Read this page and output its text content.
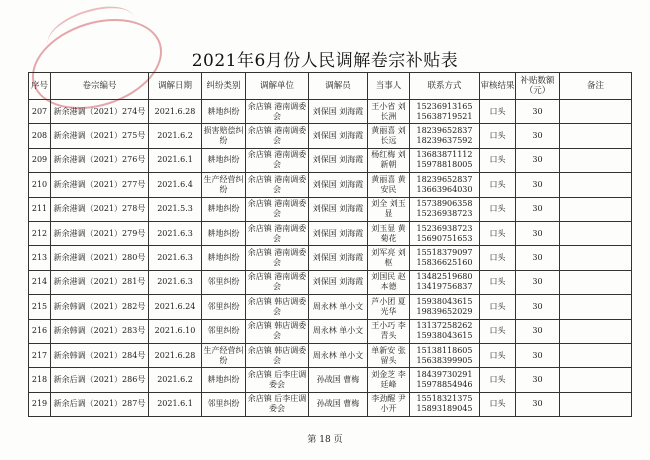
2021年6月份人民调解卷宗补贴表
序号	卷宗编号	调解日期	纠纷类别	调解单位	调解员	当事人	联系方式	审核结果	补贴数额（元）	备注
207	新余港调（2021）274号	2021.6.28	耕地纠纷	余店镇 港南调委会	刘保国 刘海霞	王小省 刘长洲	15236913165 15638719521	口头	30	
208	新余港调（2021）275号	2021.6.2	损害赔偿纠纷	余店镇 港南调委会	刘保国 刘海霞	黄丽喜 刘长远	18239652837 18239637592	口头	30	
209	新余港调（2021）276号	2021.6.1	耕地纠纷	余店镇 港南调委会	刘保国 刘海霞	杨红梅 刘新朝	13683871112 15978818005	口头	30	
210	新余港调（2021）277号	2021.6.4	生产经营纠纷	余店镇 港南调委会	刘保国 刘海霞	黄丽喜 黄安民	18239652837 13663964030	口头	30	
211	新余港调（2021）278号	2021.5.3	耕地纠纷	余店镇 港南调委会	刘保国 刘海霞	刘全 刘玉显	15738906358 15236938723	口头	30	
212	新余港调（2021）279号	2021.6.3	耕地纠纷	余店镇 港南调委会	刘保国 刘海霞	刘玉显 黄菊花	15236938723 15690751653	口头	30	
213	新余港调（2021）280号	2021.6.3	耕地纠纷	余店镇 港南调委会	刘保国 刘海霞	刘军亮 刘枢	15518379097 15836625160	口头	30	
214	新余港调（2021）281号	2021.6.3	邻里纠纷	余店镇 港南调委会	刘保国 刘海霞	刘国民 赵本德	13482519680 13419756837	口头	30	
215	新余韩调（2021）282号	2021.6.24	邻里纠纷	余店镇 韩店调委会	周永林 单小文	芦小团 夏光华	15938043615 19839652029	口头	30	
216	新余韩调（2021）283号	2021.6.10	邻里纠纷	余店镇 韩店调委会	周永林 单小文	王小巧 李青头	13137258262 15938043615	口头	30	
217	新余韩调（2021）284号	2021.6.28	生产经营纠纷	余店镇 韩店调委会	周永林 单小文	单新安 张留头	15138118605 15638399905	口头	30	
218	新余后调（2021）286号	2021.6.2	耕地纠纷	余店镇 后李庄调委会	孙战国 曹梅	刘金芝 李廷峰	18439730291 15978854946	口头	30	
219	新余后调（2021）287号	2021.6.1	邻里纠纷	余店镇 后李庄调委会	孙战国 曹梅	李劲醒 尹小开	15518321375 15893189045	口头	30	
第 18 页
